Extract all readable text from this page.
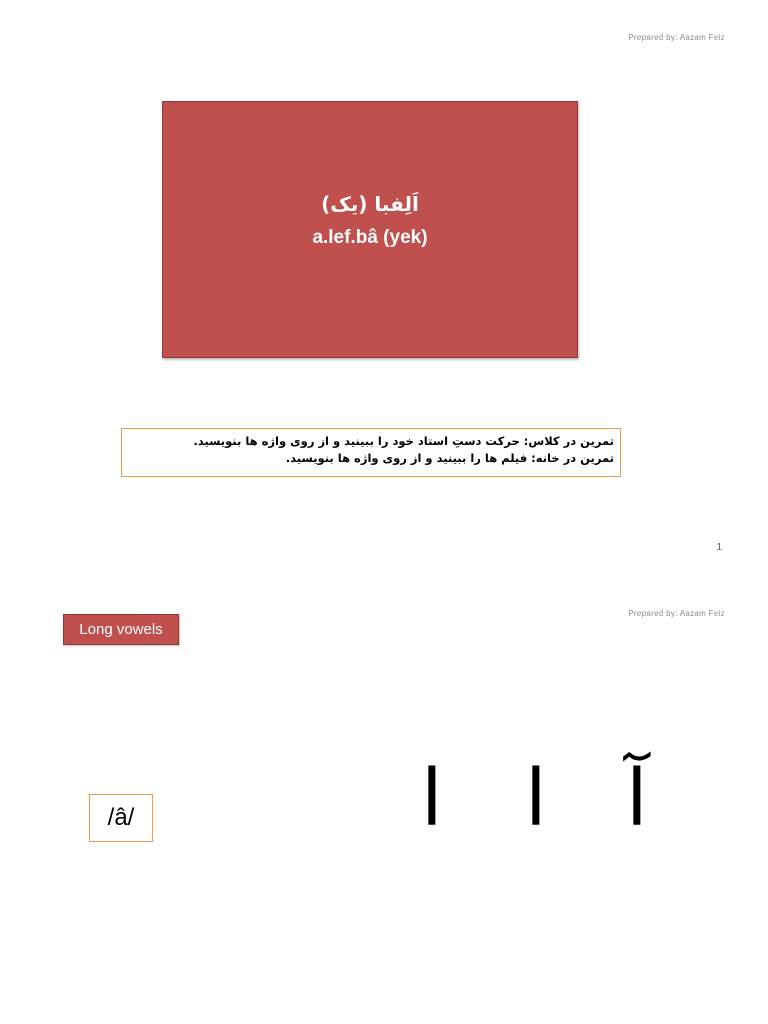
Prepared by: Aazam Feiz
اَلِفبا (یک)
a.lef.bâ (yek)
تمرین در کلاس: حرکت دستِ استاد خود را ببینید و از روی واژه ها بنویسید.
تمرین در خانه: فیلم ها را ببینید و از روی واژه ها بنویسید.
1
Prepared by: Aazam Feiz
Long vowels
/â/	آ
ا
ا
